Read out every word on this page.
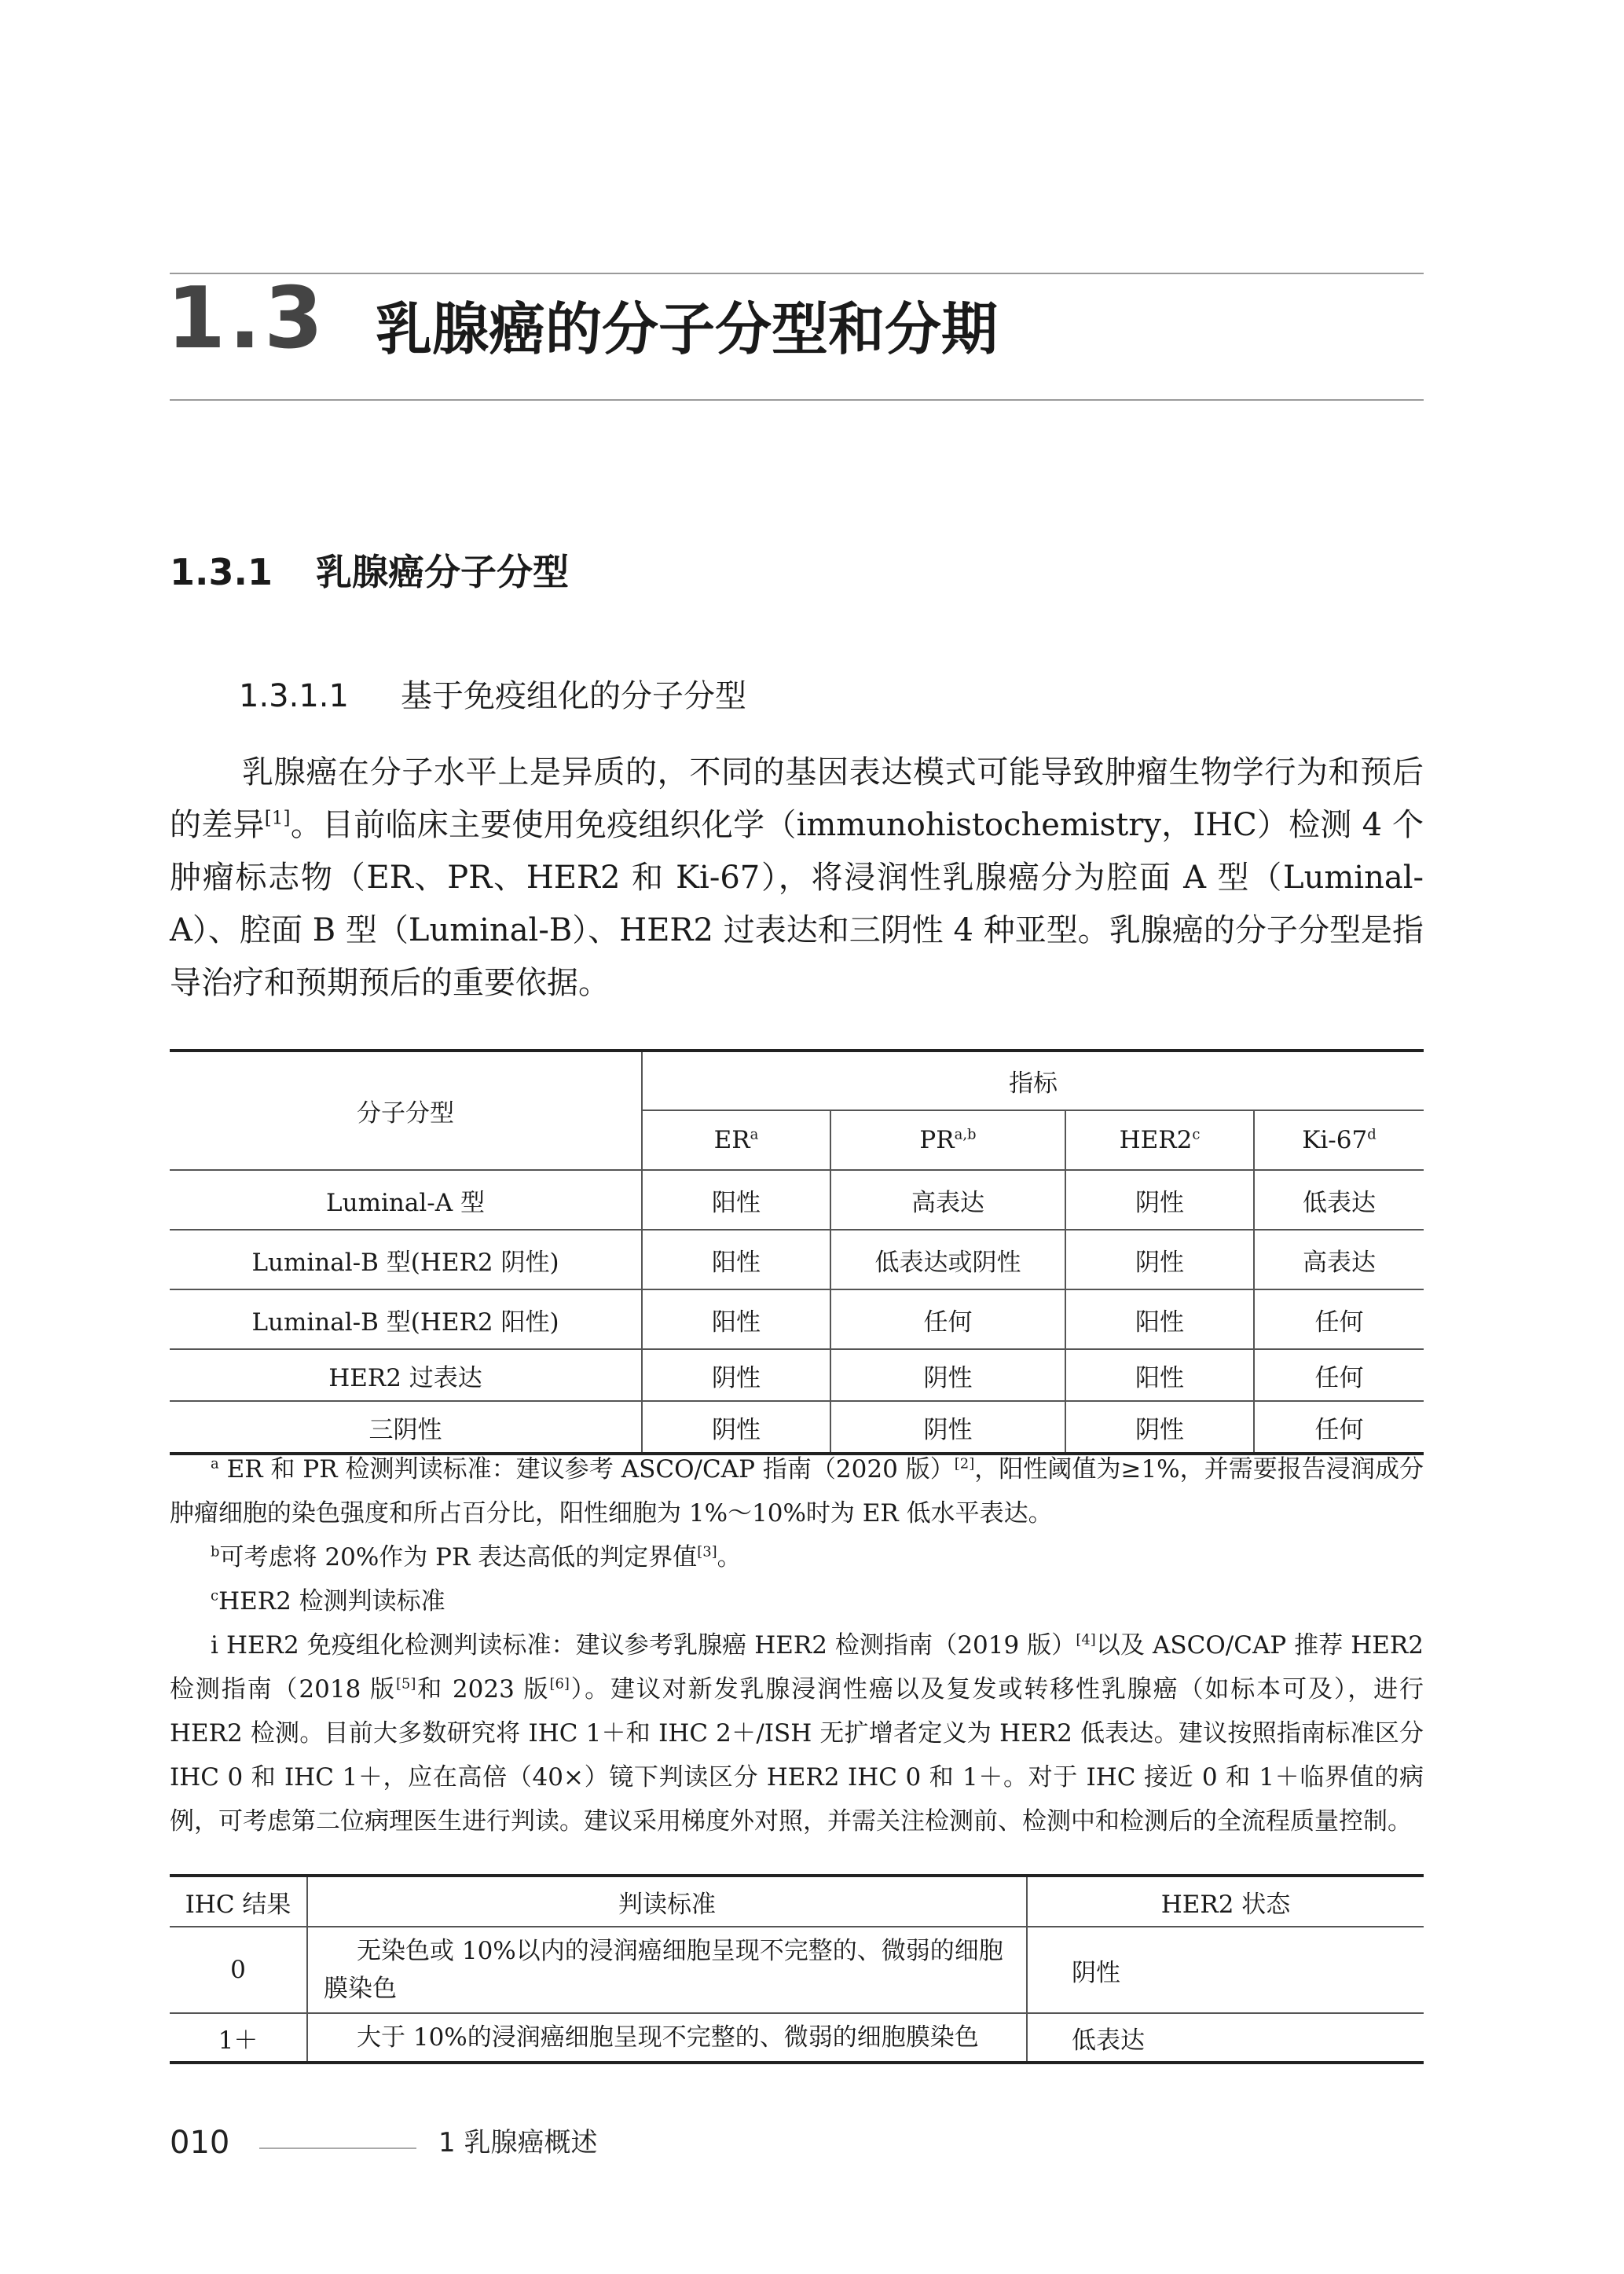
1.3 乳腺癌的分子分型和分期
1.3.1 乳腺癌分子分型
1.3.1.1 基于免疫组化的分子分型

乳腺癌在分子水平上是异质的，不同的基因表达模式可能导致肿瘤生物学行为和预后的差异[1]。目前临床主要使用免疫组织化学（immunohistochemistry，IHC）检测 4 个肿瘤标志物（ER、PR、HER2 和 Ki-67），将浸润性乳腺癌分为腔面 A 型（Luminal-A）、腔面 B 型（Luminal-B）、HER2 过表达和三阴性 4 种亚型。乳腺癌的分子分型是指导治疗和预期预后的重要依据。

分子分型	指标			
	$ER^a$	PR$^{a,b}$	HER2$^c$	Ki-67$^d$
Luminal-A 型	阳性	高表达	阴性	低表达
Luminal-B 型(HER2 阴性)	阳性	低表达或阴性	阴性	高表达
Luminal-B 型(HER2 阳性)	阳性	任何	阳性	任何
HER2 过表达	阴性	阴性	阳性	任何
三阴性	阴性	阴性	阴性	任何

$^a$ ER 和 PR 检测判读标准：建议参考 ASCO/CAP 指南（2020 版）[2]，阳性阈值为≥1%，并需要报告浸润成分肿瘤细胞的染色强度和所占百分比，阳性细胞为 1%～10%时为 ER 低水平表达。

$^b$可考虑将 20%作为 PR 表达高低的判定界值[3]。

$^c$HER2 检测判读标准

ⅰ HER2 免疫组化检测判读标准：建议参考乳腺癌 HER2 检测指南（2019 版）[4]以及 ASCO/CAP 推荐 HER2 检测指南（2018 版[5]和 2023 版[6]）。建议对新发乳腺浸润性癌以及复发或转移性乳腺癌（如标本可及），进行 HER2 检测。目前大多数研究将 IHC 1＋和 IHC 2＋/ISH 无扩增者定义为 HER2 低表达。建议按照指南标准区分 IHC 0 和 IHC 1＋，应在高倍（40×）镜下判读区分 HER2 IHC 0 和 1＋。对于 IHC 接近 0 和 1＋临界值的病例，可考虑第二位病理医生进行判读。建议采用梯度外对照，并需关注检测前、检测中和检测后的全流程质量控制。

IHC 结果	判读标准	HER2 状态
0	无染色或 10%以内的浸润癌细胞呈现不完整的、微弱的细胞膜染色	阴性
1＋	大于 10%的浸润癌细胞呈现不完整的、微弱的细胞膜染色	低表达
010	1 乳腺癌概述
